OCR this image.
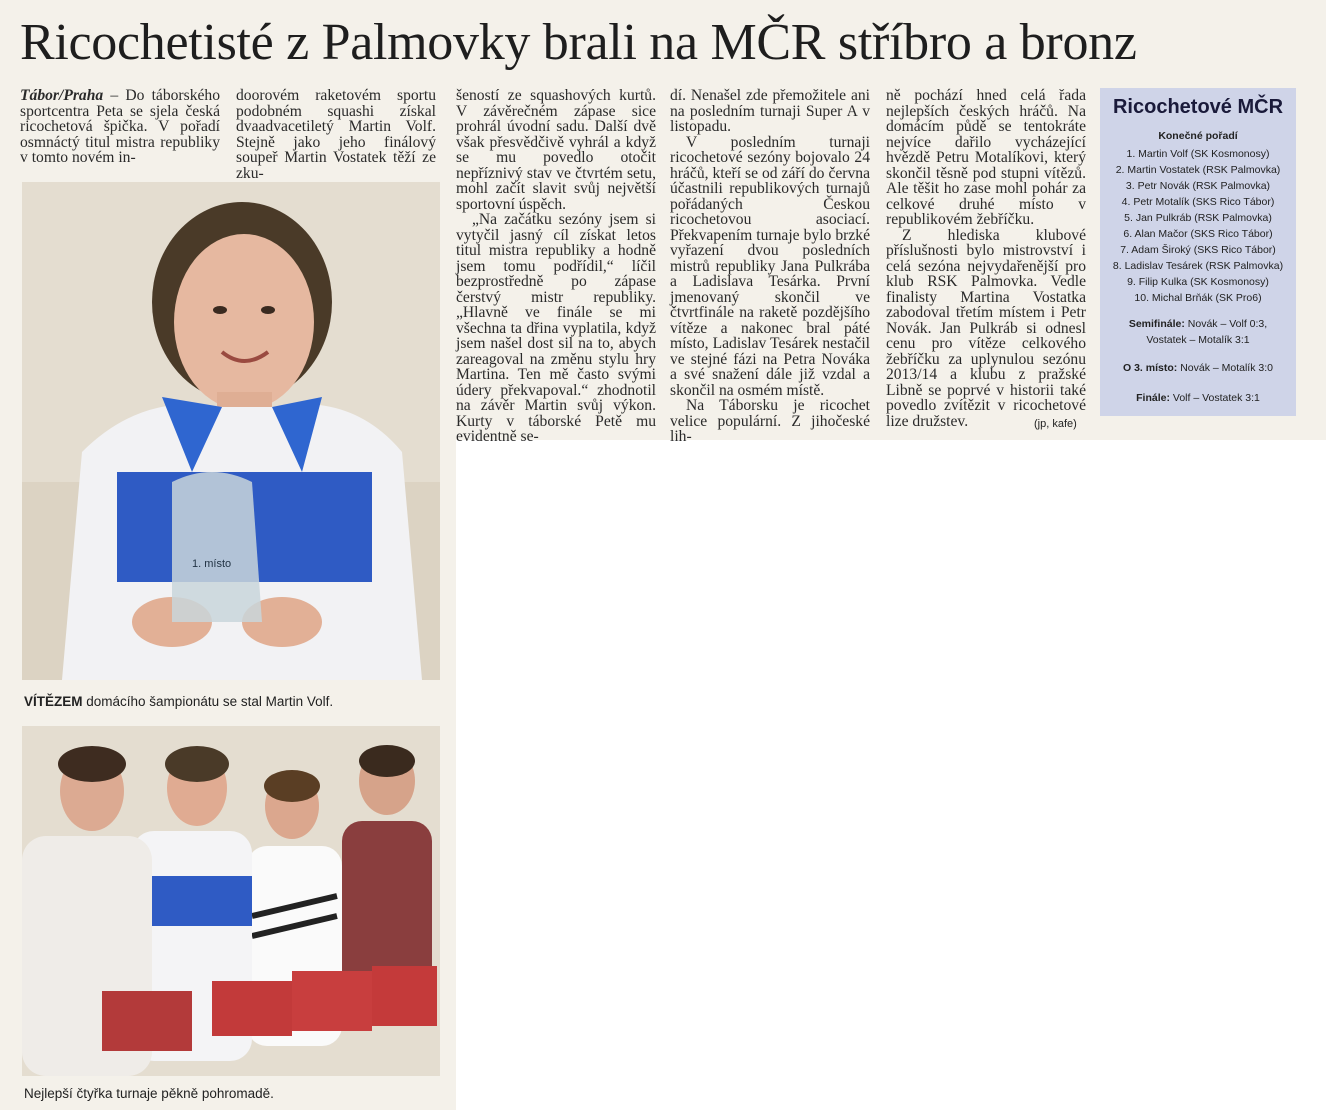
Ricochetisté z Palmovky brali na MČR stříbro a bronz

Tábor/Praha – Do táborského sportcentra Peta se sjela česká ricochetová špička. V pořadí osmnáctý titul mistra republiky v tomto novém in-

doorovém raketovém sportu podobném squashi získal dvaadvacetiletý Martin Volf. Stejně jako jeho finálový soupeř Martin Vostatek těží ze zku-

1. místo
VÍTĚZEM domácího šampionátu se stal Martin Volf.
Nejlepší čtyřka turnaje pěkně pohromadě.

šeností ze squashových kurtů. V závěrečném zápase sice prohrál úvodní sadu. Další dvě však přesvědčivě vyhrál a když se mu povedlo otočit nepříznivý stav ve čtvrtém setu, mohl začít slavit svůj největší sportovní úspěch.

„Na začátku sezóny jsem si vytyčil jasný cíl získat letos titul mistra republiky a hodně jsem tomu podřídil,“ líčil bezprostředně po zápase čerstvý mistr republiky. „Hlavně ve finále se mi všechna ta dřina vyplatila, když jsem našel dost sil na to, abych zareagoval na změnu stylu hry Martina. Ten mě často svými údery překvapoval.“ zhodnotil na závěr Martin svůj výkon. Kurty v táborské Petě mu evidentně se-

dí. Nenašel zde přemožitele ani na posledním turnaji Super A v listopadu.

V posledním turnaji ricochetové sezóny bojovalo 24 hráčů, kteří se od září do června účastnili republikových turnajů pořádaných Českou ricochetovou asociací. Překvapením turnaje bylo brzké vyřazení dvou posledních mistrů republiky Jana Pulkrába a Ladislava Tesárka. První jmenovaný skončil ve čtvrtfinále na raketě pozdějšího vítěze a nakonec bral páté místo, Ladislav Tesárek nestačil ve stejné fázi na Petra Nováka a své snažení dále již vzdal a skončil na osmém místě.

Na Táborsku je ricochet velice populární. Z jihočeské lih-

ně pochází hned celá řada nejlepších českých hráčů. Na domácím půdě se tentokráte nejvíce dařilo vycházející hvězdě Petru Motalíkovi, který skončil těsně pod stupni vítězů. Ale těšit ho zase mohl pohár za celkové druhé místo v republikovém žebříčku.

Z hlediska klubové příslušnosti bylo mistrovství i celá sezóna nejvydařenější pro klub RSK Palmovka. Vedle finalisty Martina Vostatka zabodoval třetím místem i Petr Novák. Jan Pulkráb si odnesl cenu pro vítěze celkového žebříčku za uplynulou sezónu 2013/14 a klubu z pražské Libně se poprvé v historii také povedlo zvítězit v ricochetové lize družstev.	(jp, kafe)
Ricochetové MČR
Konečné pořadí
1. Martin Volf (SK Kosmonosy)
2. Martin Vostatek (RSK Palmovka)
3. Petr Novák (RSK Palmovka)
4. Petr Motalík (SKS Rico Tábor)
5. Jan Pulkráb (RSK Palmovka)
6. Alan Mačor (SKS Rico Tábor)
7. Adam Široký (SKS Rico Tábor)
8. Ladislav Tesárek (RSK Palmovka)
9. Filip Kulka (SK Kosmonosy)
10. Michal Brňák (SK Pro6)
Semifinále: Novák – Volf 0:3,
Vostatek – Motalík 3:1
O 3. místo: Novák – Motalík 3:0
Finále: Volf – Vostatek 3:1
